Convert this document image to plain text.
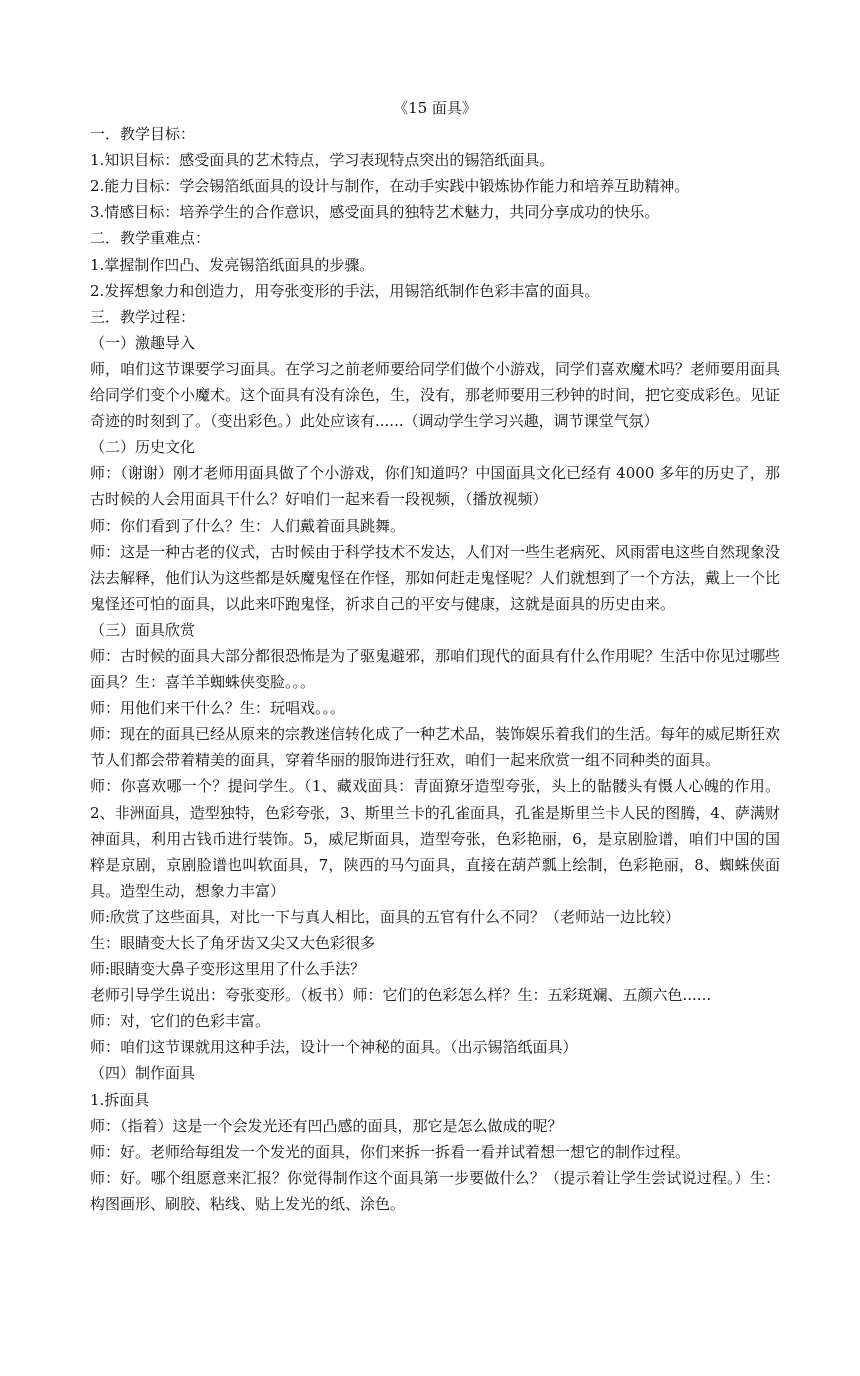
《15 面具》
一．教学目标：
1.知识目标：感受面具的艺术特点，学习表现特点突出的锡箔纸面具。
2.能力目标：学会锡箔纸面具的设计与制作，在动手实践中锻炼协作能力和培养互助精神。
3.情感目标：培养学生的合作意识，感受面具的独特艺术魅力，共同分享成功的快乐。
二．教学重难点：
1.掌握制作凹凸、发亮锡箔纸面具的步骤。
2.发挥想象力和创造力，用夸张变形的手法，用锡箔纸制作色彩丰富的面具。
三．教学过程：
（一）激趣导入

师，咱们这节课要学习面具。在学习之前老师要给同学们做个小游戏，同学们喜欢魔术吗？老师要用面具给同学们变个小魔术。这个面具有没有涂色，生，没有，那老师要用三秒钟的时间，把它变成彩色。见证奇迹的时刻到了。（变出彩色。）此处应该有......（调动学生学习兴趣，调节课堂气氛）

（二）历史文化

师：（谢谢）刚才老师用面具做了个小游戏，你们知道吗？中国面具文化已经有 4000 多年的历史了，那古时候的人会用面具干什么？好咱们一起来看一段视频，（播放视频）

师：你们看到了什么？生：人们戴着面具跳舞。

师：这是一种古老的仪式，古时候由于科学技术不发达，人们对一些生老病死、风雨雷电这些自然现象没法去解释，他们认为这些都是妖魔鬼怪在作怪，那如何赶走鬼怪呢？人们就想到了一个方法，戴上一个比鬼怪还可怕的面具，以此来吓跑鬼怪，祈求自己的平安与健康，这就是面具的历史由来。

（三）面具欣赏

师：古时候的面具大部分都很恐怖是为了驱鬼避邪，那咱们现代的面具有什么作用呢？生活中你见过哪些面具？生：喜羊羊蜘蛛侠变脸。。。

师：用他们来干什么？生：玩唱戏。。。

师：现在的面具已经从原来的宗教迷信转化成了一种艺术品，装饰娱乐着我们的生活。每年的威尼斯狂欢节人们都会带着精美的面具，穿着华丽的服饰进行狂欢，咱们一起来欣赏一组不同种类的面具。

师：你喜欢哪一个？提问学生。（1、藏戏面具：青面獠牙造型夸张，头上的骷髅头有慑人心魄的作用。2、非洲面具，造型独特，色彩夸张，3、斯里兰卡的孔雀面具，孔雀是斯里兰卡人民的图腾，4、萨满财神面具，利用古钱币进行装饰。5，威尼斯面具，造型夸张，色彩艳丽，6，是京剧脸谱，咱们中国的国粹是京剧，京剧脸谱也叫软面具，7，陕西的马勺面具，直接在葫芦瓢上绘制，色彩艳丽，8、蜘蛛侠面具。造型生动，想象力丰富）

师:欣赏了这些面具，对比一下与真人相比，面具的五官有什么不同？（老师站一边比较）
生：眼睛变大长了角牙齿又尖又大色彩很多
师:眼睛变大鼻子变形这里用了什么手法？
老师引导学生说出：夸张变形。（板书）师：它们的色彩怎么样？生：五彩斑斓、五颜六色......
师：对，它们的色彩丰富。
师：咱们这节课就用这种手法，设计一个神秘的面具。（出示锡箔纸面具）
（四）制作面具
1.拆面具
师：（指着）这是一个会发光还有凹凸感的面具，那它是怎么做成的呢？
师：好。老师给每组发一个发光的面具，你们来拆一拆看一看并试着想一想它的制作过程。

师：好。哪个组愿意来汇报？你觉得制作这个面具第一步要做什么？（提示着让学生尝试说过程。）生：构图画形、刷胶、粘线、贴上发光的纸、涂色。
